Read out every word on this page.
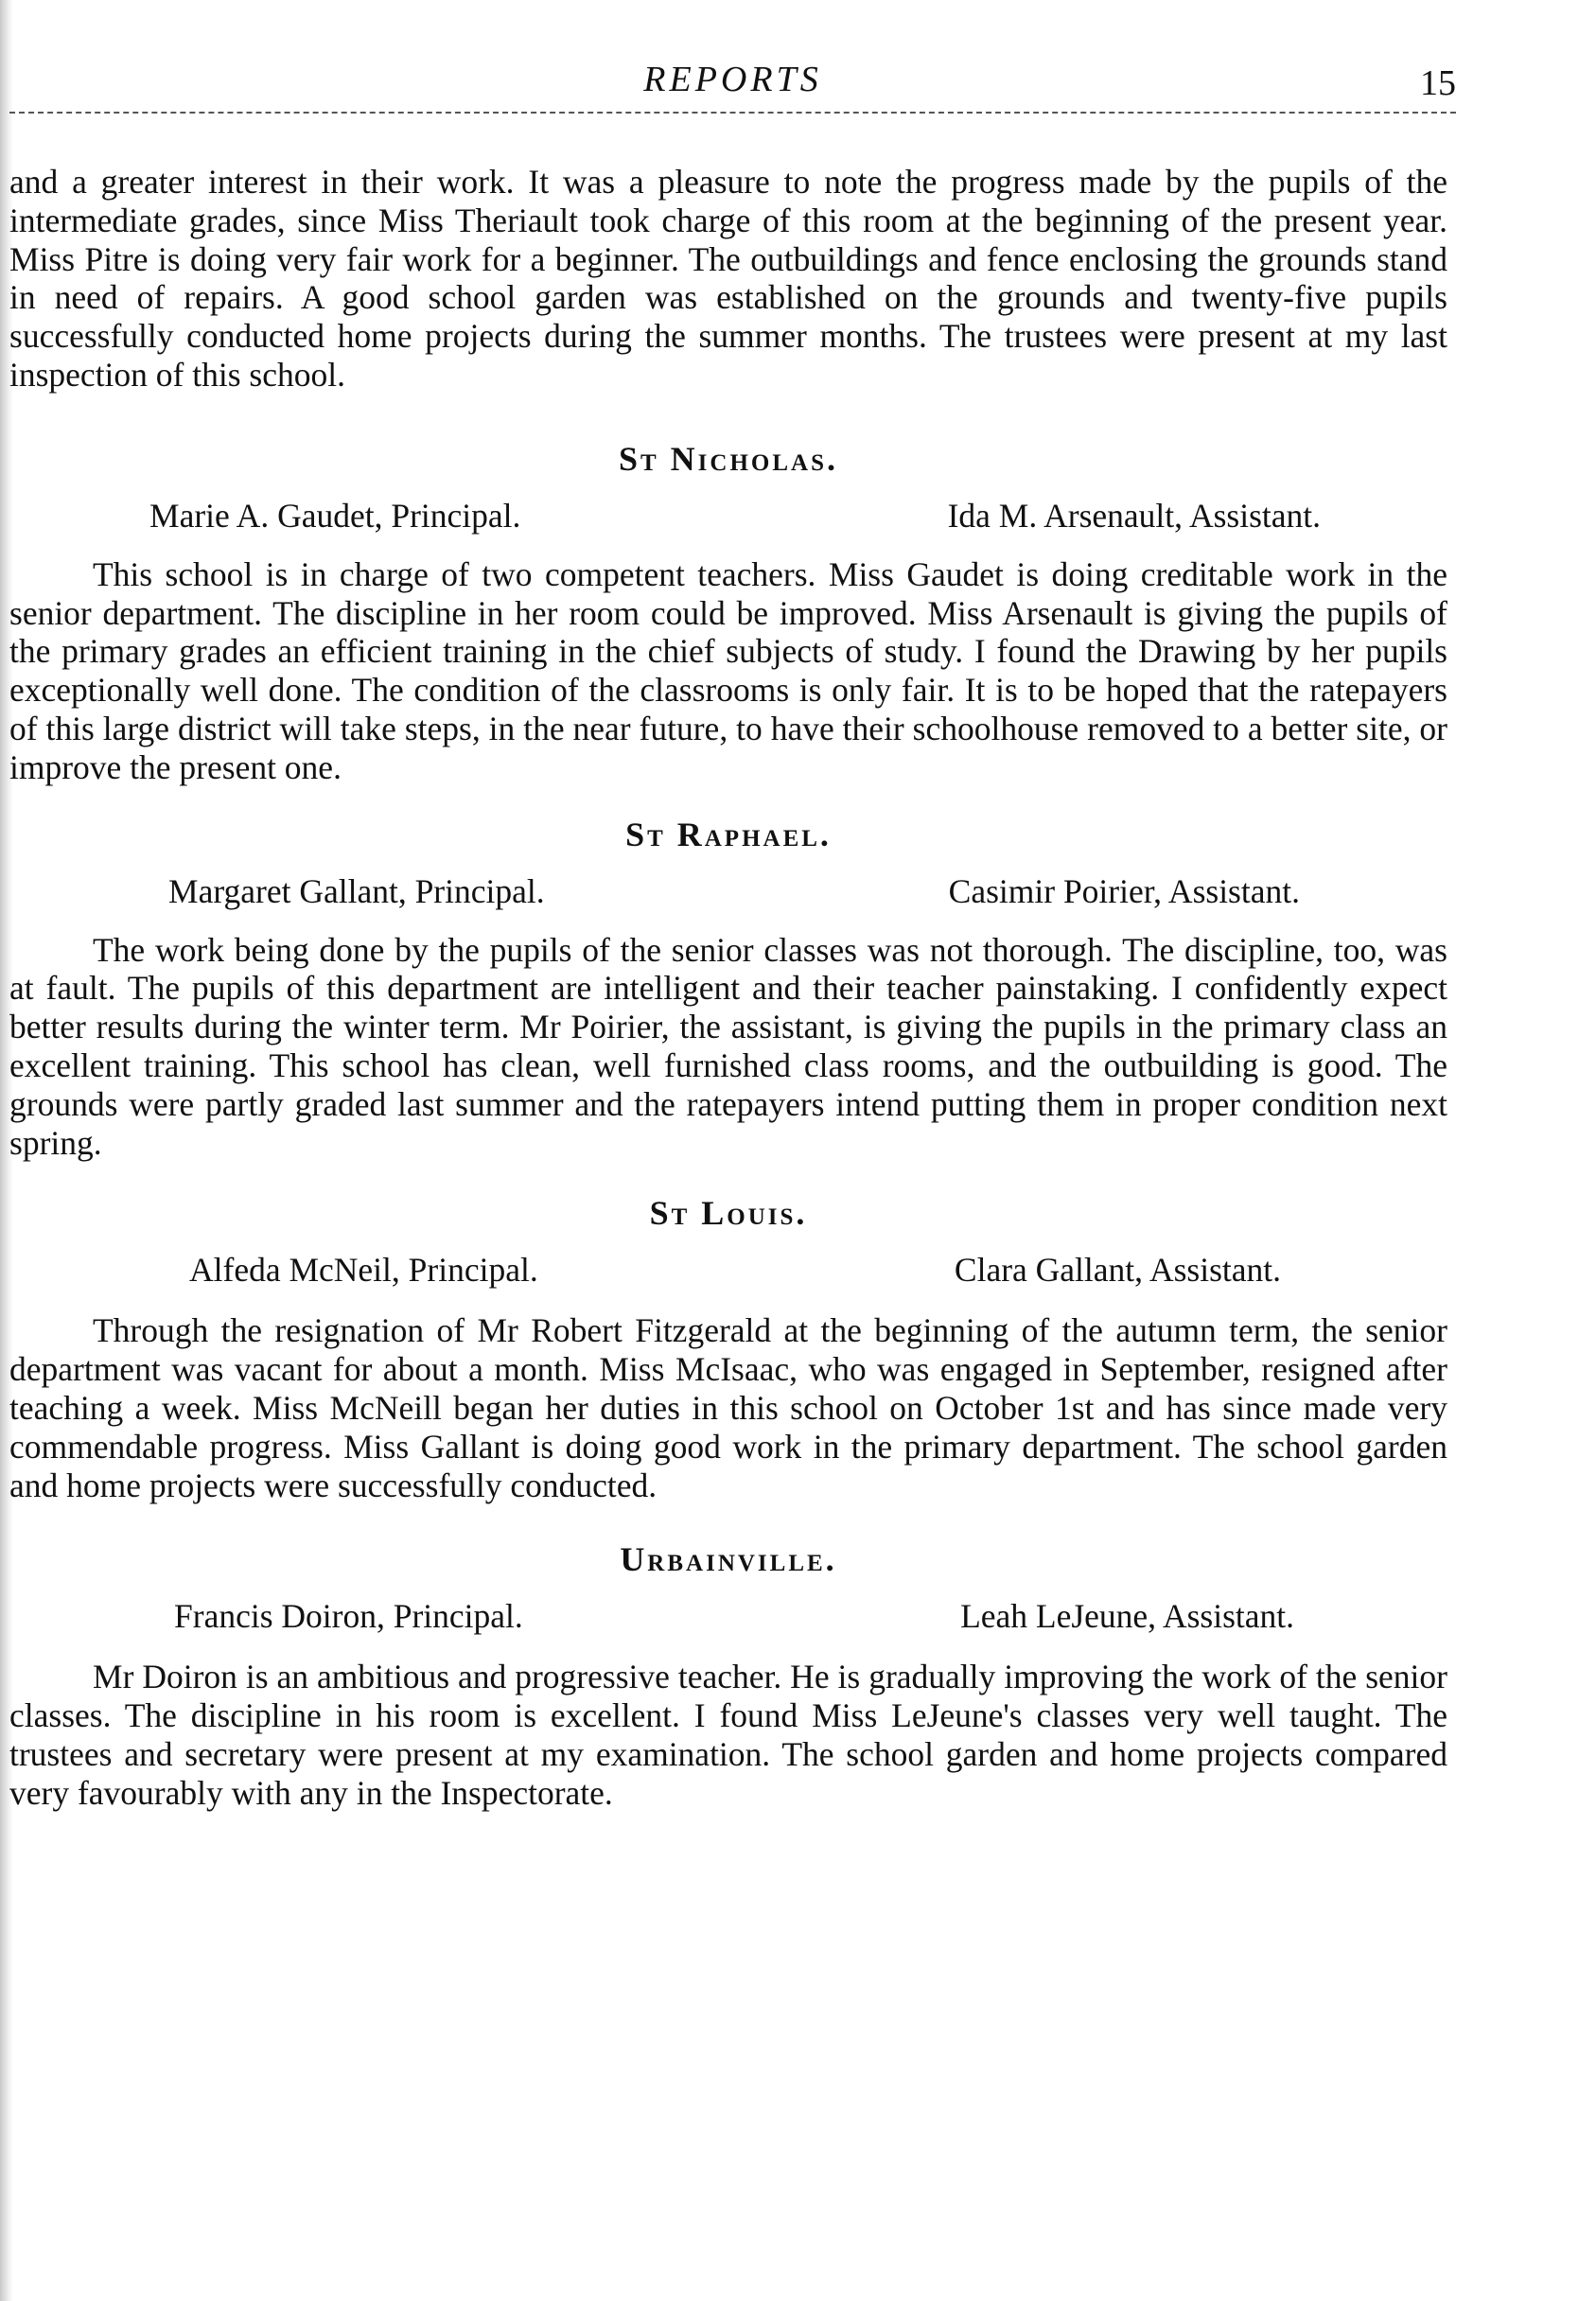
REPORTS	15

and a greater interest in their work. It was a pleasure to note the progress made by the pupils of the intermediate grades, since Miss Theriault took charge of this room at the beginning of the present year. Miss Pitre is doing very fair work for a beginner. The outbuildings and fence enclosing the grounds stand in need of repairs. A good school garden was established on the grounds and twenty-five pupils successfully conducted home projects during the summer months. The trustees were present at my last inspection of this school.

St Nicholas.
Marie A. Gaudet, Principal.	Ida M. Arsenault, Assistant.

This school is in charge of two competent teachers. Miss Gaudet is doing creditable work in the senior department. The discipline in her room could be improved. Miss Arsenault is giving the pupils of the primary grades an efficient training in the chief subjects of study. I found the Drawing by her pupils exceptionally well done. The condition of the classrooms is only fair. It is to be hoped that the ratepayers of this large district will take steps, in the near future, to have their schoolhouse removed to a better site, or improve the present one.

St Raphael.
Margaret Gallant, Principal.	Casimir Poirier, Assistant.

The work being done by the pupils of the senior classes was not thorough. The discipline, too, was at fault. The pupils of this department are intelligent and their teacher painstaking. I confidently expect better results during the winter term. Mr Poirier, the assistant, is giving the pupils in the primary class an excellent training. This school has clean, well furnished class rooms, and the outbuilding is good. The grounds were partly graded last summer and the ratepayers intend putting them in proper condition next spring.

St Louis.
Alfeda McNeil, Principal.	Clara Gallant, Assistant.

Through the resignation of Mr Robert Fitzgerald at the beginning of the autumn term, the senior department was vacant for about a month. Miss McIsaac, who was engaged in September, resigned after teaching a week. Miss McNeill began her duties in this school on October 1st and has since made very commendable progress. Miss Gallant is doing good work in the primary department. The school garden and home projects were successfully conducted.

Urbainville.
Francis Doiron, Principal.	Leah LeJeune, Assistant.

Mr Doiron is an ambitious and progressive teacher. He is gradually improving the work of the senior classes. The discipline in his room is excellent. I found Miss LeJeune's classes very well taught. The trustees and secretary were present at my examination. The school garden and home projects compared very favourably with any in the Inspectorate.
